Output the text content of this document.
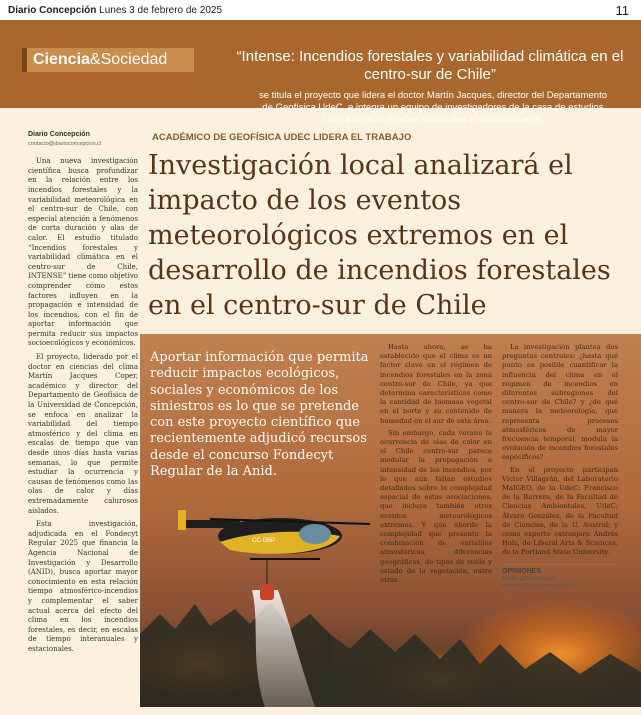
Diario Concepción Lunes 3 de febrero de 2025	11
Ciencia&Sociedad	“Intense: Incendios forestales y variabilidad climática en el centro-sur de Chile”
se titula el proyecto que lidera el doctor Martín Jacques, director del Departamento de Geofísica UdeC, e integra un equipo de investigadores de la casa de estudios junto a otras entidades nacionales e internacionales.
Diario Concepción
contacto@diarioconcepcion.cl

Una nueva investigación científica busca profundizar en la relación entre los incendios forestales y la variabilidad meteorológica en el centro-sur de Chile, con especial atención a fenómenos de corta duración y olas de calor. El estudio titulado “Incendios forestales y variabilidad climática en el centro-sur de Chile, INTENSE” tiene como objetivo comprender cómo estos factores influyen en la propagación e intensidad de los incendios, con el fin de aportar información que permita reducir sus impactos socioecológicos y económicos.

El proyecto, liderado por el doctor en ciencias del clima Martín Jacques Coper, académico y director del Departamento de Geofísica de la Universidad de Concepción, se enfoca en analizar la variabilidad del tiempo atmosférico y del clima en escalas de tiempo que van desde unos días hasta varias semanas, lo que permite estudiar la ocurrencia y causas de fenómenos como las olas de calor y días extremadamente calurosos aislados.

Esta investigación, adjudicada en el Fondecyt Regular 2025 que financia la Agencia Nacional de Investigación y Desarrollo (ANID), busca aportar mayor conocimiento en esta relación tiempo atmosférico-incendios y complementar el saber actual acerca del efecto del clima en los incendios forestales, es decir, en escalas de tiempo interanuales y estacionales.

ACADÉMICO DE GEOFÍSICA UDEC LIDERA EL TRABAJO
Investigación local analizará el impacto de los eventos meteorológicos extremos en el desarrollo de incendios forestales en el centro-sur de Chile
CC-DBP
Aportar información que permita reducir impactos ecológicos, sociales y económicos de los siniestros es lo que se pretende con este proyecto científico que recientemente adjudicó recursos desde el concurso Fondecyt Regular de la Anid.

Hasta ahora, se ha establecido que el clima es un factor clave en el régimen de incendios forestales en la zona centro-sur de Chile, ya que determina características como la cantidad de biomasa vegetal en el norte y su contenido de humedad en el sur de esta área.

Sin embargo, cada verano la ocurrencia de olas de calor en el Chile centro-sur parece modular la propagación e intensidad de los incendios, por lo que aún faltan estudios detallados sobre la complejidad espacial de estas asociaciones, que incluya también otros eventos meteorológicos extremos. Y que aborde la complejidad que presenta la combinación de variables atmosféricas, diferencias geográficas, de tipos de suelo y estado de la vegetación, entre otras.

La investigación plantea dos preguntas centrales: ¿hasta qué punto es posible cuantificar la influencia del clima en el régimen de incendios en diferentes subregiones del centro-sur de Chile? y ¿de qué manera la meteorología, que representa procesos atmosféricos de mayor frecuencia temporal, modula la evolución de incendios forestales específicos?

En el proyecto participan Víctor Villagrán, del Laboratorio MaIGEO, de la UdeC; Francisco de la Barrera, de la Facultad de Ciencias Ambientales, UdeC; Álvaro González, de la Facultad de Ciencias, de la U. Austral; y como experto extranjero Andrés Holz, de Liberal Arts & Sciences, de la Portland State University.

OPINIONES
Twitter @DiarioConce
contacto@diarioconcepcion.cl
